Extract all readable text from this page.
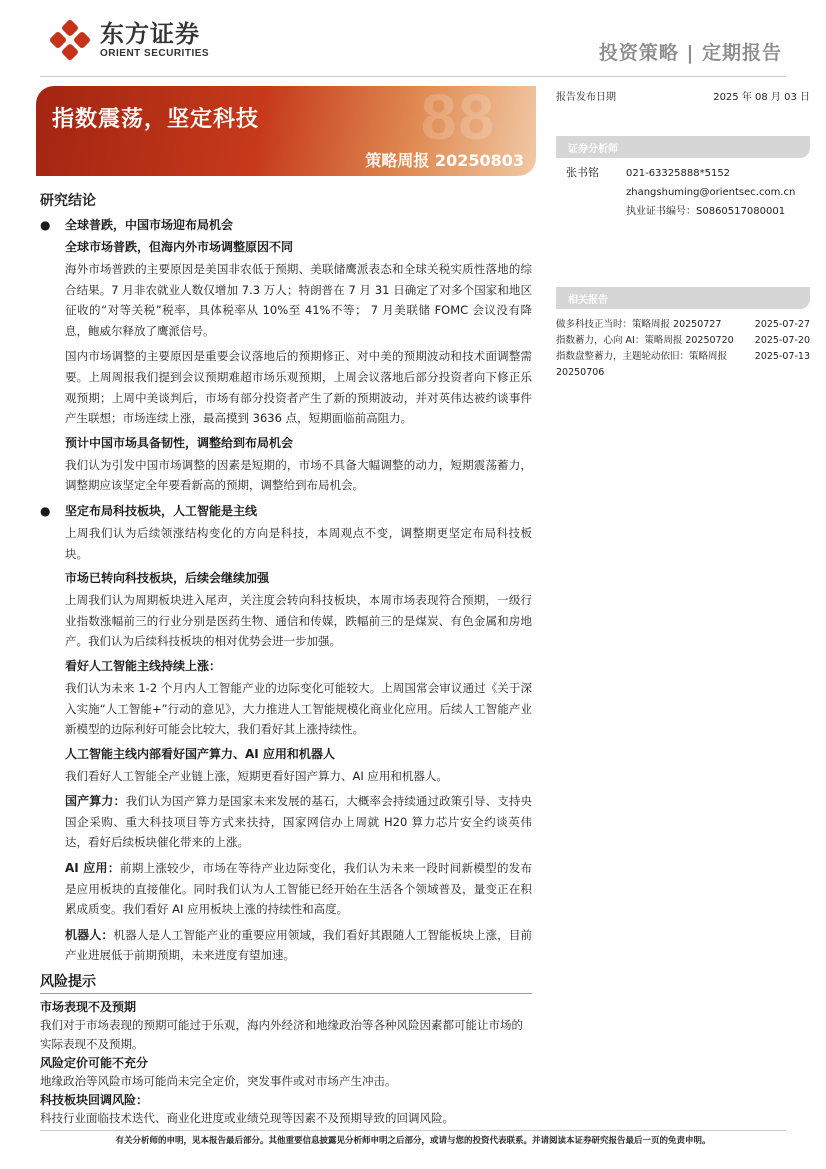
东方证券
ORIENT SECURITIES	投资策略 | 定期报告
88
指数震荡，坚定科技
策略周报 20250803
研究结论
●	全球普跌，中国市场迎布局机会
全球市场普跌，但海内外市场调整原因不同
海外市场普跌的主要原因是美国非农低于预期、美联储鹰派表态和全球关税实质性落地的综合结果。7 月非农就业人数仅增加 7.3 万人；特朗普在 7 月 31 日确定了对多个国家和地区征收的“对等关税”税率，具体税率从 10%至 41%不等； 7 月美联储 FOMC 会议没有降息，鲍威尔释放了鹰派信号。
国内市场调整的主要原因是重要会议落地后的预期修正、对中美的预期波动和技术面调整需要。上周周报我们提到会议预期难超市场乐观预期，上周会议落地后部分投资者向下修正乐观预期；上周中美谈判后，市场有部分投资者产生了新的预期波动，并对英伟达被约谈事件产生联想；市场连续上涨，最高摸到 3636 点，短期面临前高阻力。
预计中国市场具备韧性，调整给到布局机会
我们认为引发中国市场调整的因素是短期的，市场不具备大幅调整的动力，短期震荡蓄力，调整期应该坚定全年要看新高的预期，调整给到布局机会。
●	坚定布局科技板块，人工智能是主线
上周我们认为后续领涨结构变化的方向是科技，本周观点不变，调整期更坚定布局科技板块。
市场已转向科技板块，后续会继续加强
上周我们认为周期板块进入尾声，关注度会转向科技板块，本周市场表现符合预期，一级行业指数涨幅前三的行业分别是医药生物、通信和传媒，跌幅前三的是煤炭、有色金属和房地产。我们认为后续科技板块的相对优势会进一步加强。
看好人工智能主线持续上涨：
我们认为未来 1-2 个月内人工智能产业的边际变化可能较大。上周国常会审议通过《关于深入实施“人工智能+”行动的意见》，大力推进人工智能规模化商业化应用。后续人工智能产业新模型的边际利好可能会比较大，我们看好其上涨持续性。
人工智能主线内部看好国产算力、AI 应用和机器人
我们看好人工智能全产业链上涨，短期更看好国产算力、AI 应用和机器人。
国产算力：我们认为国产算力是国家未来发展的基石，大概率会持续通过政策引导、支持央国企采购、重大科技项目等方式来扶持，国家网信办上周就 H20 算力芯片安全约谈英伟达，看好后续板块催化带来的上涨。
AI 应用：前期上涨较少，市场在等待产业边际变化，我们认为未来一段时间新模型的发布是应用板块的直接催化。同时我们认为人工智能已经开始在生活各个领域普及，量变正在积累成质变。我们看好 AI 应用板块上涨的持续性和高度。
机器人：机器人是人工智能产业的重要应用领域，我们看好其跟随人工智能板块上涨，目前产业进展低于前期预期，未来进度有望加速。
风险提示
市场表现不及预期
我们对于市场表现的预期可能过于乐观，海内外经济和地缘政治等各种风险因素都可能让市场的实际表现不及预期。
风险定价可能不充分
地缘政治等风险市场可能尚未完全定价，突发事件或对市场产生冲击。
科技板块回调风险：
科技行业面临技术迭代、商业化进度或业绩兑现等因素不及预期导致的回调风险。
报告发布日期	2025 年 08 月 03 日
证券分析师
张书铭	021-63325888*5152
zhangshuming@orientsec.com.cn
执业证书编号：S0860517080001
相关报告
做多科技正当时：策略周报 20250727	2025-07-27
指数蓄力，心向 AI：策略周报 20250720 2025-07-20
指数盘整蓄力，主题轮动依旧：策略周报 20250706
2025-07-13
有关分析师的申明，见本报告最后部分。其他重要信息披露见分析师申明之后部分，或请与您的投资代表联系。并请阅读本证券研究报告最后一页的免责申明。
